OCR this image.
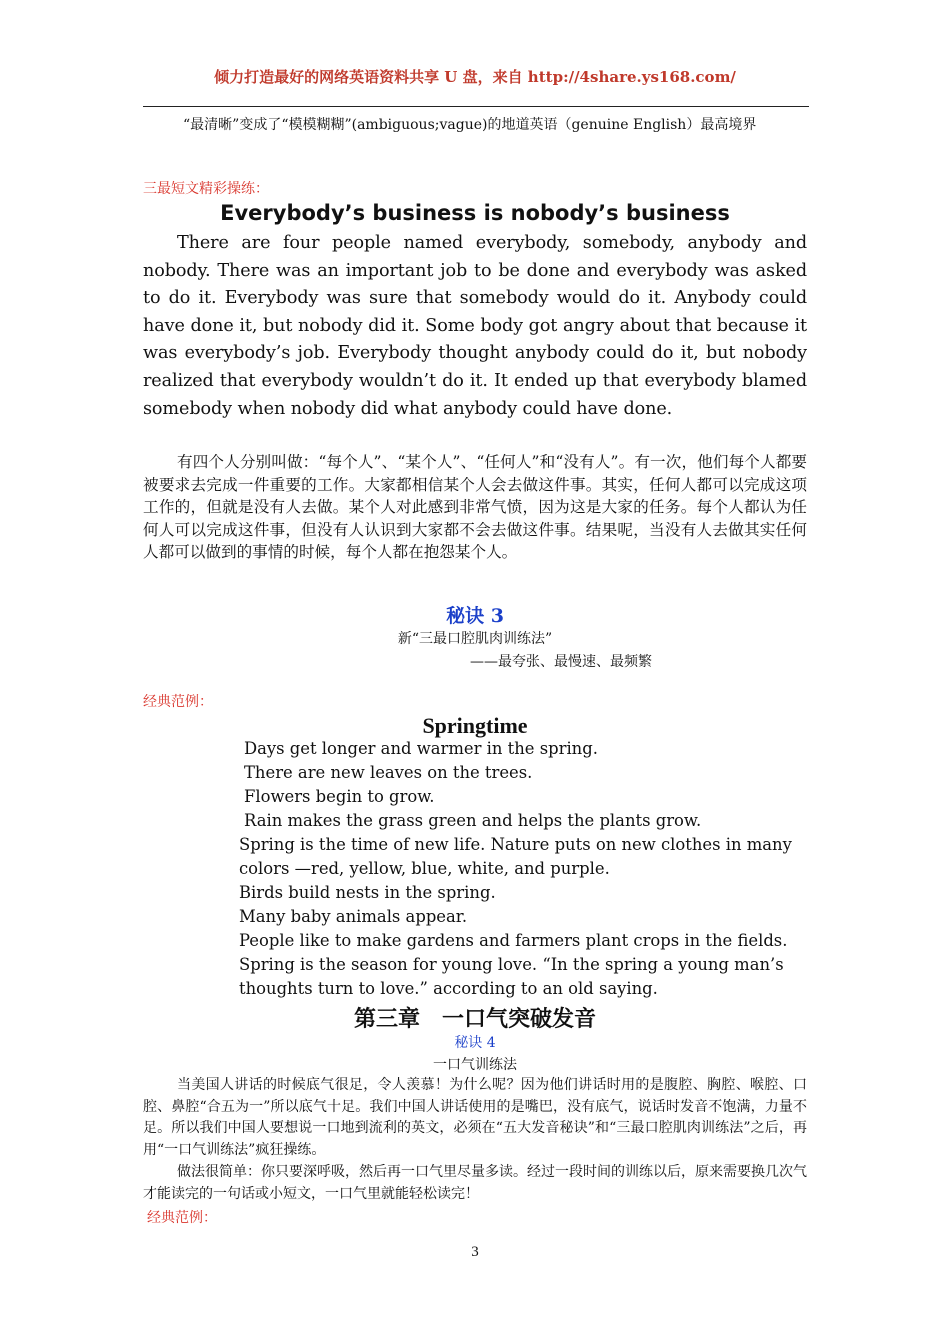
倾力打造最好的网络英语资料共享 U 盘，来自 http://4share.ys168.com/
“最清晰”变成了“模模糊糊”(ambiguous;vague)的地道英语（genuine English）最高境界
三最短文精彩操练：
Everybody’s business is nobody’s business
There are four people named everybody, somebody, anybody and nobody. There was an important job to be done and everybody was asked to do it. Everybody was sure that somebody would do it. Anybody could have done it, but nobody did it. Some body got angry about that because it was everybody’s job. Everybody thought anybody could do it, but nobody realized that everybody wouldn’t do it. It ended up that everybody blamed somebody when nobody did what anybody could have done.
有四个人分别叫做：“每个人”、“某个人”、“任何人”和“没有人”。有一次，他们每个人都要被要求去完成一件重要的工作。大家都相信某个人会去做这件事。其实，任何人都可以完成这项工作的，但就是没有人去做。某个人对此感到非常气愤，因为这是大家的任务。每个人都认为任何人可以完成这件事，但没有人认识到大家都不会去做这件事。结果呢，当没有人去做其实任何人都可以做到的事情的时候，每个人都在抱怨某个人。
秘诀 3
新“三最口腔肌肉训练法”
——最夸张、最慢速、最频繁
经典范例：
Springtime
Days get longer and warmer in the spring.
There are new leaves on the trees.
Flowers begin to grow.
Rain makes the grass green and helps the plants grow.
Spring is the time of new life. Nature puts on new clothes in many
colors —red, yellow, blue, white, and purple.
Birds build nests in the spring.
Many baby animals appear.
People like to make gardens and farmers plant crops in the fields.
Spring is the season for young love. “In the spring a young man’s
thoughts turn to love.” according to an old saying.
第三章　一口气突破发音
秘诀 4
一口气训练法
当美国人讲话的时候底气很足，令人羡慕！为什么呢？因为他们讲话时用的是腹腔、胸腔、喉腔、口腔、鼻腔“合五为一”所以底气十足。我们中国人讲话使用的是嘴巴，没有底气，说话时发音不饱满，力量不足。所以我们中国人要想说一口地到流利的英文，必须在“五大发音秘诀”和“三最口腔肌肉训练法”之后，再用“一口气训练法”疯狂操练。
做法很简单：你只要深呼吸，然后再一口气里尽量多读。经过一段时间的训练以后，原来需要换几次气才能读完的一句话或小短文，一口气里就能轻松读完！
经典范例：
3
